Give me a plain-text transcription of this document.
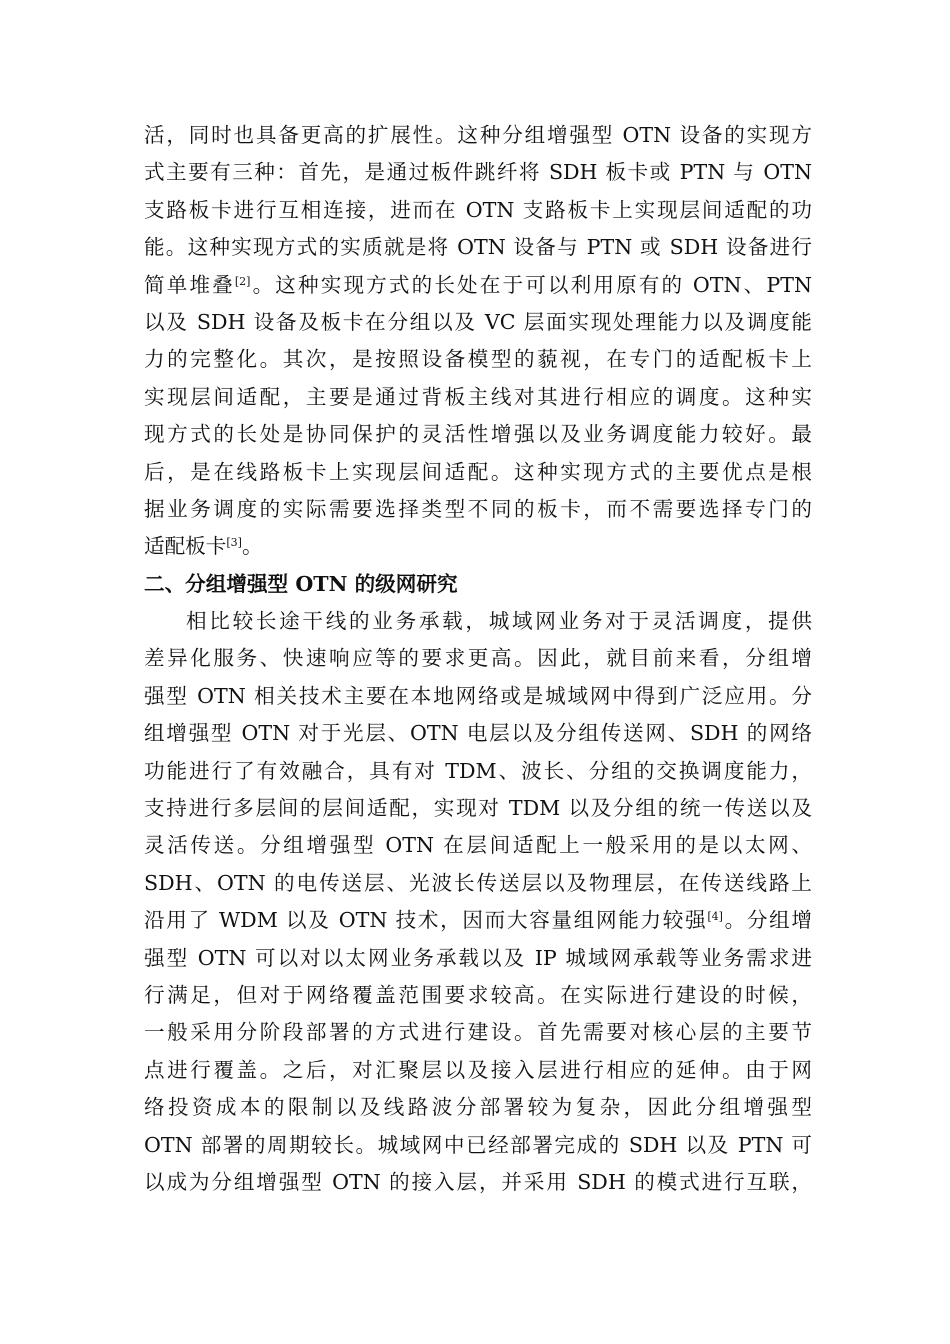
活，同时也具备更高的扩展性。这种分组增强型 OTN 设备的实现方
式主要有三种：首先，是通过板件跳纤将 SDH 板卡或 PTN 与 OTN
支路板卡进行互相连接，进而在 OTN 支路板卡上实现层间适配的功
能。这种实现方式的实质就是将 OTN 设备与 PTN 或 SDH 设备进行
简单堆叠[2]。这种实现方式的长处在于可以利用原有的 OTN、PTN
以及 SDH 设备及板卡在分组以及 VC 层面实现处理能力以及调度能
力的完整化。其次，是按照设备模型的藐视，在专门的适配板卡上
实现层间适配，主要是通过背板主线对其进行相应的调度。这种实
现方式的长处是协同保护的灵活性增强以及业务调度能力较好。最
后，是在线路板卡上实现层间适配。这种实现方式的主要优点是根
据业务调度的实际需要选择类型不同的板卡，而不需要选择专门的
适配板卡[3]。
二、分组增强型 OTN 的级网研究
相比较长途干线的业务承载，城域网业务对于灵活调度，提供
差异化服务、快速响应等的要求更高。因此，就目前来看，分组增
强型 OTN 相关技术主要在本地网络或是城域网中得到广泛应用。分
组增强型 OTN 对于光层、OTN 电层以及分组传送网、SDH 的网络
功能进行了有效融合，具有对 TDM、波长、分组的交换调度能力，
支持进行多层间的层间适配，实现对 TDM 以及分组的统一传送以及
灵活传送。分组增强型 OTN 在层间适配上一般采用的是以太网、
SDH、OTN 的电传送层、光波长传送层以及物理层，在传送线路上
沿用了 WDM 以及 OTN 技术，因而大容量组网能力较强[4]。分组增
强型 OTN 可以对以太网业务承载以及 IP 城域网承载等业务需求进
行满足，但对于网络覆盖范围要求较高。在实际进行建设的时候，
一般采用分阶段部署的方式进行建设。首先需要对核心层的主要节
点进行覆盖。之后，对汇聚层以及接入层进行相应的延伸。由于网
络投资成本的限制以及线路波分部署较为复杂，因此分组增强型
OTN 部署的周期较长。城域网中已经部署完成的 SDH 以及 PTN 可
以成为分组增强型 OTN 的接入层，并采用 SDH 的模式进行互联，
